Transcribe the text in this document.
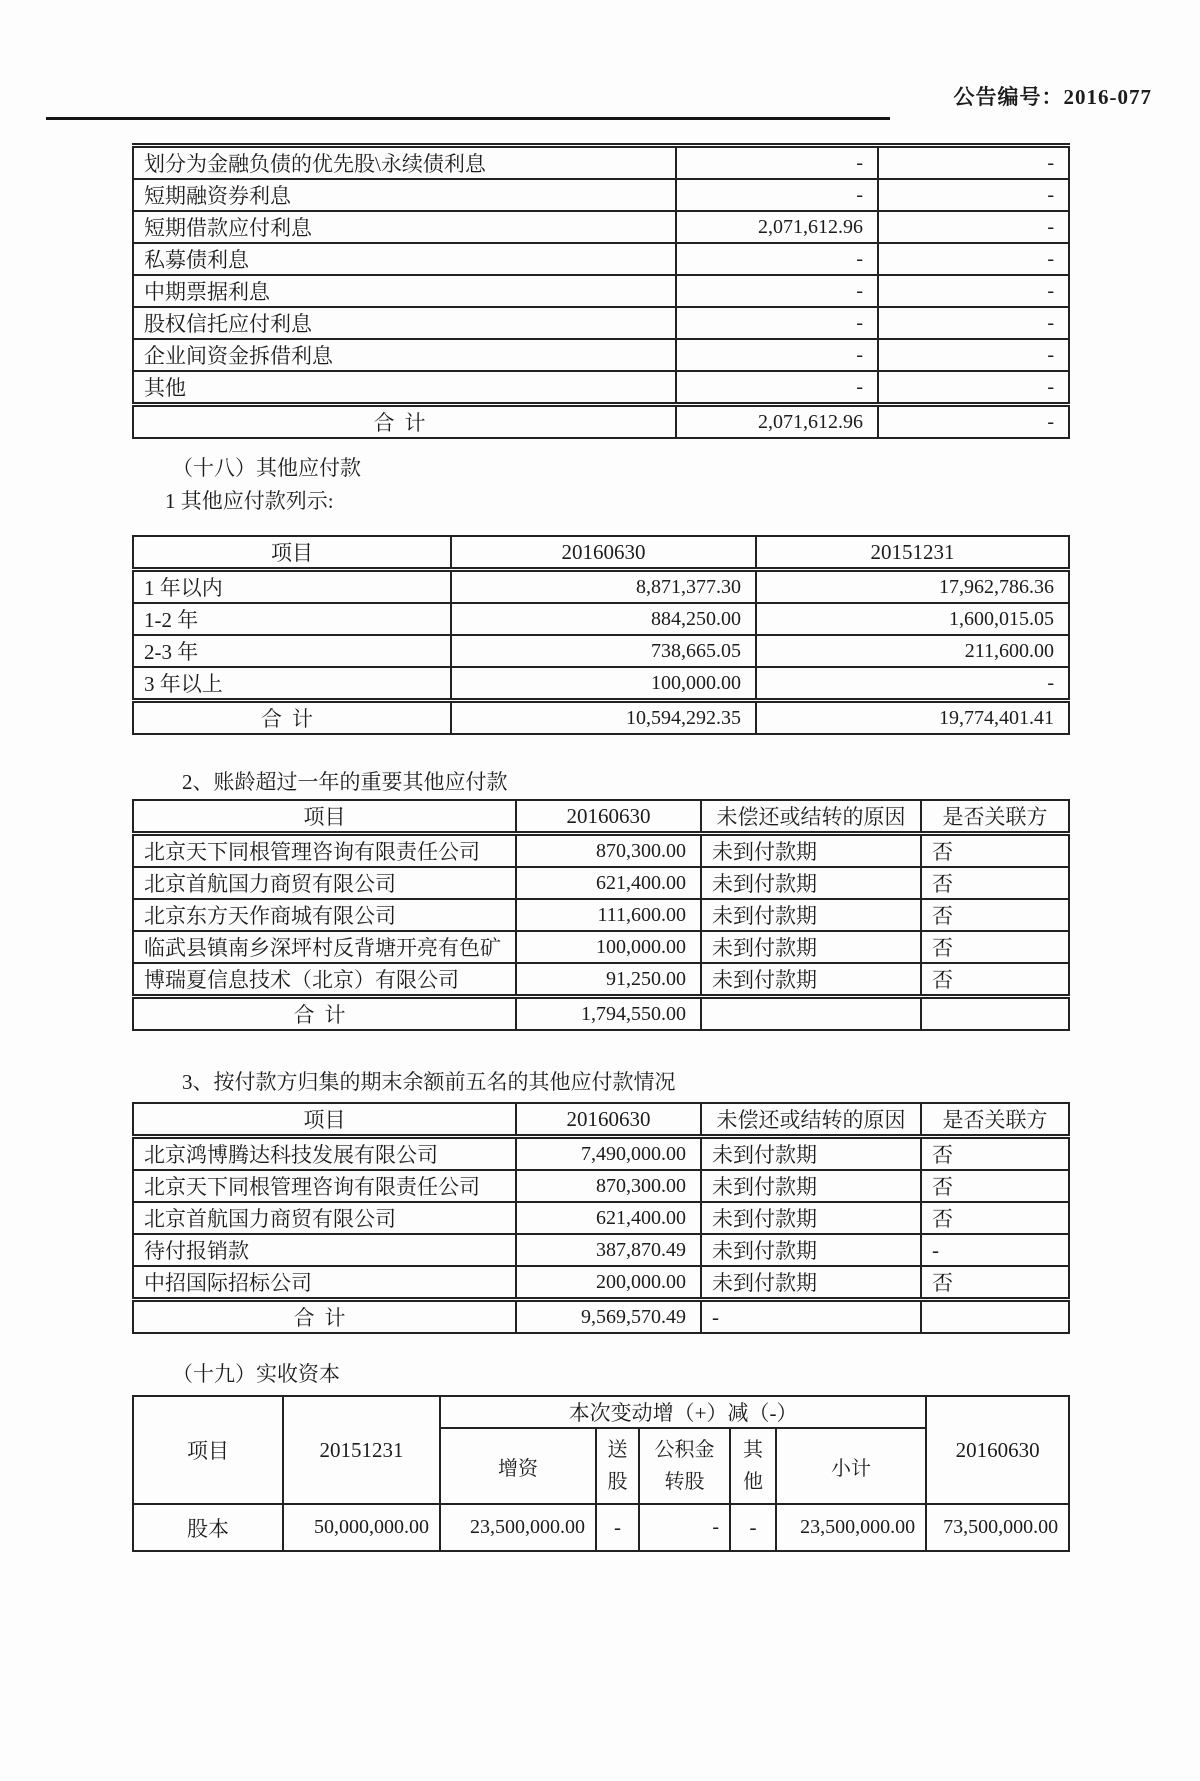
公告编号：2016-077
划分为金融负债的优先股\永续债利息	-	-
短期融资券利息	-	-
短期借款应付利息	2,071,612.96	-
私募债利息	-	-
中期票据利息	-	-
股权信托应付利息	-	-
企业间资金拆借利息	-	-
其他	-	-
合计	2,071,612.96	-
（十八）其他应付款
1 其他应付款列示:
项目	20160630	20151231
1 年以内	8,871,377.30	17,962,786.36
1-2 年	884,250.00	1,600,015.05
2-3 年	738,665.05	211,600.00
3 年以上	100,000.00	-
合计	10,594,292.35	19,774,401.41
2、账龄超过一年的重要其他应付款
项目	20160630	未偿还或结转的原因	是否关联方
北京天下同根管理咨询有限责任公司	870,300.00	未到付款期	否
北京首航国力商贸有限公司	621,400.00	未到付款期	否
北京东方天作商城有限公司	111,600.00	未到付款期	否
临武县镇南乡深坪村反背塘开亮有色矿	100,000.00	未到付款期	否
博瑞夏信息技术（北京）有限公司	91,250.00	未到付款期	否
合计	1,794,550.00		
3、按付款方归集的期末余额前五名的其他应付款情况
项目	20160630	未偿还或结转的原因	是否关联方
北京鸿博腾达科技发展有限公司	7,490,000.00	未到付款期	否
北京天下同根管理咨询有限责任公司	870,300.00	未到付款期	否
北京首航国力商贸有限公司	621,400.00	未到付款期	否
待付报销款	387,870.49	未到付款期	-
中招国际招标公司	200,000.00	未到付款期	否
合计	9,569,570.49	-	
（十九）实收资本
项目	20151231	本次变动增（+）减（-）					20160630
		增资	送股	公积金转股	其他	小计	
股本	50,000,000.00	23,500,000.00	-	-	-	23,500,000.00	73,500,000.00
